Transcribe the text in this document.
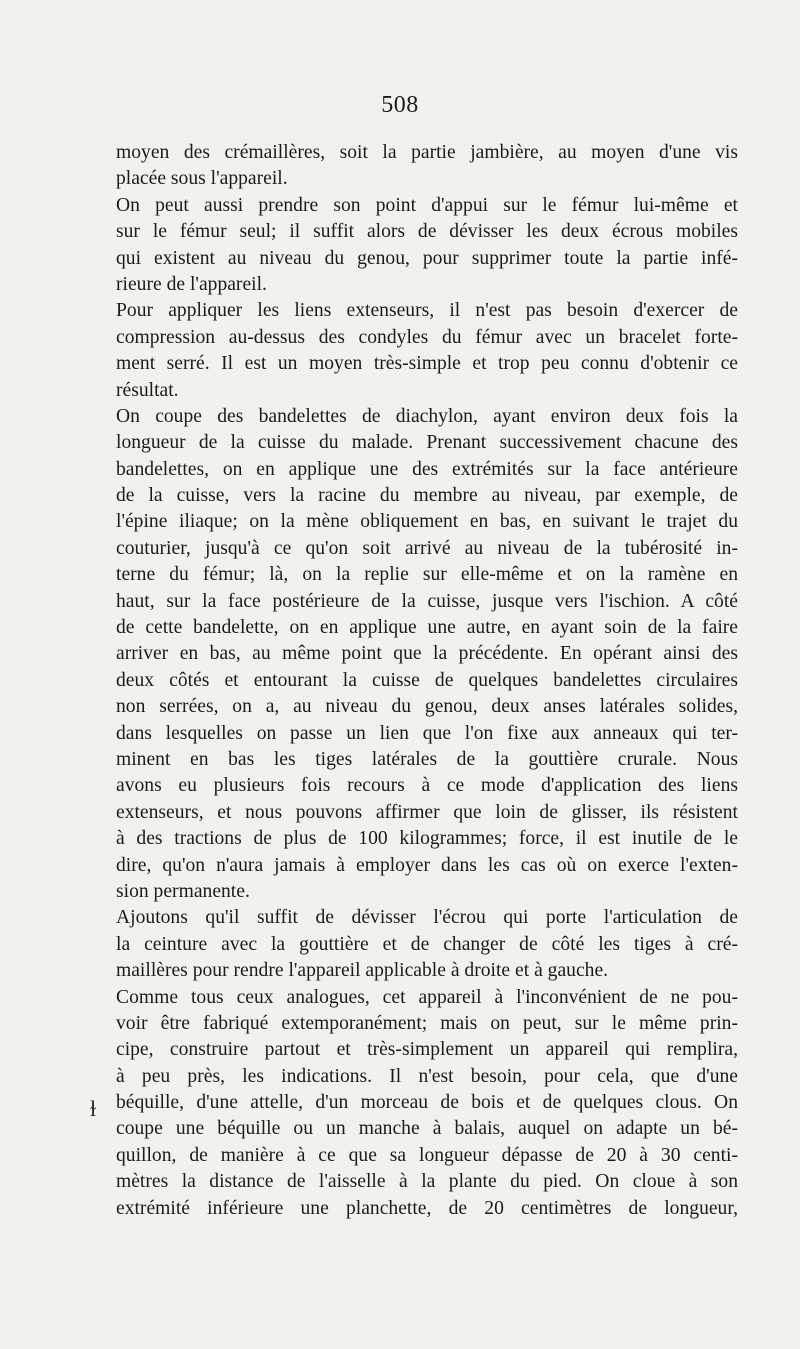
508
ɫ
moyen des crémaillères, soit la partie jambière, au moyen d'une vis
placée sous l'appareil.
On peut aussi prendre son point d'appui sur le fémur lui-même et
sur le fémur seul; il suffit alors de dévisser les deux écrous mobiles
qui existent au niveau du genou, pour supprimer toute la partie infé-
rieure de l'appareil.
Pour appliquer les liens extenseurs, il n'est pas besoin d'exercer de
compression au-dessus des condyles du fémur avec un bracelet forte-
ment serré. Il est un moyen très-simple et trop peu connu d'obtenir ce
résultat.
On coupe des bandelettes de diachylon, ayant environ deux fois la
longueur de la cuisse du malade. Prenant successivement chacune des
bandelettes, on en applique une des extrémités sur la face antérieure
de la cuisse, vers la racine du membre au niveau, par exemple, de
l'épine iliaque; on la mène obliquement en bas, en suivant le trajet du
couturier, jusqu'à ce qu'on soit arrivé au niveau de la tubérosité in-
terne du fémur; là, on la replie sur elle-même et on la ramène en
haut, sur la face postérieure de la cuisse, jusque vers l'ischion. A côté
de cette bandelette, on en applique une autre, en ayant soin de la faire
arriver en bas, au même point que la précédente. En opérant ainsi des
deux côtés et entourant la cuisse de quelques bandelettes circulaires
non serrées, on a, au niveau du genou, deux anses latérales solides,
dans lesquelles on passe un lien que l'on fixe aux anneaux qui ter-
minent en bas les tiges latérales de la gouttière crurale. Nous
avons eu plusieurs fois recours à ce mode d'application des liens
extenseurs, et nous pouvons affirmer que loin de glisser, ils résistent
à des tractions de plus de 100 kilogrammes; force, il est inutile de le
dire, qu'on n'aura jamais à employer dans les cas où on exerce l'exten-
sion permanente.
Ajoutons qu'il suffit de dévisser l'écrou qui porte l'articulation de
la ceinture avec la gouttière et de changer de côté les tiges à cré-
maillères pour rendre l'appareil applicable à droite et à gauche.
Comme tous ceux analogues, cet appareil à l'inconvénient de ne pou-
voir être fabriqué extemporanément; mais on peut, sur le même prin-
cipe, construire partout et très-simplement un appareil qui remplira,
à peu près, les indications. Il n'est besoin, pour cela, que d'une
béquille, d'une attelle, d'un morceau de bois et de quelques clous. On
coupe une béquille ou un manche à balais, auquel on adapte un bé-
quillon, de manière à ce que sa longueur dépasse de 20 à 30 centi-
mètres la distance de l'aisselle à la plante du pied. On cloue à son
extrémité inférieure une planchette, de 20 centimètres de longueur,
